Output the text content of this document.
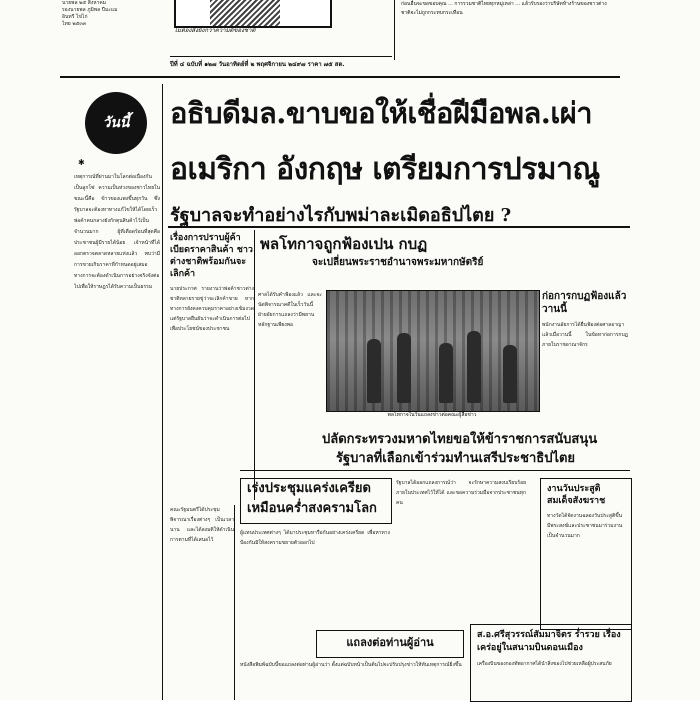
นายพล ๒๕ สิงหาคม
รองนายพล ภูมิพล ปีมะแม
อินทรี ไข่ไก่
ไทย ๒๕๓๓
ไม่ต้องสิ่งยิ่งกว่าความดีของชาติ
ก่อนอื่นจะขอขอบคุณ ... การรวมชาติไทยทุกหมู่เหล่า ... แล้วรับรองว่าบริษัทห้างร้านของชาวต่างชาติจะไม่ถูกกระทบกระเทือน
ปีที่ ๔ ฉบับที่ ๑๒๗ วันอาทิตย์ที่ ๒ พฤศจิกายน ๒๔๙๗ ราคา ๗๕ สต.
วันนี้
✱
เหตุการณ์ที่ผ่านมาในโลกต่อเนื่องกันเป็นลูกโซ่ ความเป็นห่วงของชาวไทยในขณะนี้คือ ข้าวของแพงขึ้นทุกวัน ซึ่งรัฐบาลจะต้องหาทางแก้ไขให้ได้โดยเร็ว พ่อค้าคนกลางยังกักตุนสินค้าไว้เป็นจำนวนมาก ผู้ที่เดือดร้อนที่สุดคือประชาชนผู้มีรายได้น้อย เจ้าหน้าที่ได้ออกตรวจตลาดหลายแห่งแล้ว พบว่ามีการขายเกินราคาที่กำหนดอยู่เสมอ ทางการจะต้องดำเนินการอย่างจริงจังต่อไปเพื่อให้ราษฎรได้รับความเป็นธรรม
อธิบดีมล.ขาบขอให้เชื่อฝีมือพล.เผ่า
อเมริกา อังกฤษ เตรียมการปรมาณู
รัฐบาลจะทำอย่างไรกับพม่าละเมิดอธิปไตย ?
เรื่องการปราบผู้ค้าเบียดราคาสินค้า ชาวต่างชาติพร้อมกันจะเลิกค้า
นายประกาศ รายงานว่าพ่อค้าชาวต่างชาติหลายรายขู่ว่าจะเลิกค้าขาย หากทางการยังคงควบคุมราคาอย่างเข้มงวด แต่รัฐบาลยืนยันว่าจะดำเนินการต่อไปเพื่อประโยชน์ของประชาชน
พลโทกาจถูกฟ้องเปน กบฏ
จะเปลี่ยนพระราชอำนาจพระมหากษัตริย์
ศาลได้รับคำฟ้องแล้ว และจะนัดพิจารณาคดีในเร็ววันนี้ ฝ่ายอัยการแถลงว่ามีพยานหลักฐานเพียงพอ
พลโทกาจในวันแถลงข่าวต่อคณะผู้สื่อข่าว
ก่อการกบฏฟ้องแล้ววานนี้
พนักงานอัยการได้ยื่นฟ้องต่อศาลอาญาแล้วเมื่อวานนี้ ในข้อหาก่อการกบฏภายในราชอาณาจักร
ปลัดกระทรวงมหาดไทยขอให้ข้าราชการสนับสนุน
รัฐบาลที่เลือกเข้าร่วมทำนเสรีประชาธิปไตย
คณะรัฐมนตรีได้ประชุมพิจารณาเรื่องต่างๆ เป็นเวลานาน และได้ลงมติให้ดำเนินการตามที่ได้เสนอไว้
เร่งประชุมแคร่งเครียด
เหมือนคร่ำสงครามโลก
ผู้แทนประเทศต่างๆ ได้มาประชุมหารือกันอย่างเคร่งเครียด เพื่อหาทางป้องกันมิให้สงครามขยายตัวออกไป
รัฐบาลได้ออกแถลงการณ์ว่า จะรักษาความสงบเรียบร้อยภายในประเทศไว้ให้ได้ และขอความร่วมมือจากประชาชนทุกคน
งานวันประสูติสมเด็จสังฆราช
ทางวัดได้จัดงานฉลองวันประสูติขึ้น มีพระสงฆ์และประชาชนมาร่วมงานเป็นจำนวนมาก
แถลงต่อท่านผู้อ่าน
หนังสือพิมพ์ฉบับนี้ขอแถลงต่อท่านผู้อ่านว่า ตั้งแต่ฉบับหน้าเป็นต้นไปจะปรับปรุงข่าวให้ทันเหตุการณ์ยิ่งขึ้น
ส.อ.ศรีสุวรรณ์สัมมาจิตร ร่ำรวย เรื่องเคร่อยู่ในสนามบินดอนเมือง
เครื่องบินของกองทัพอากาศได้นำสิ่งของไปช่วยเหลือผู้ประสบภัย
